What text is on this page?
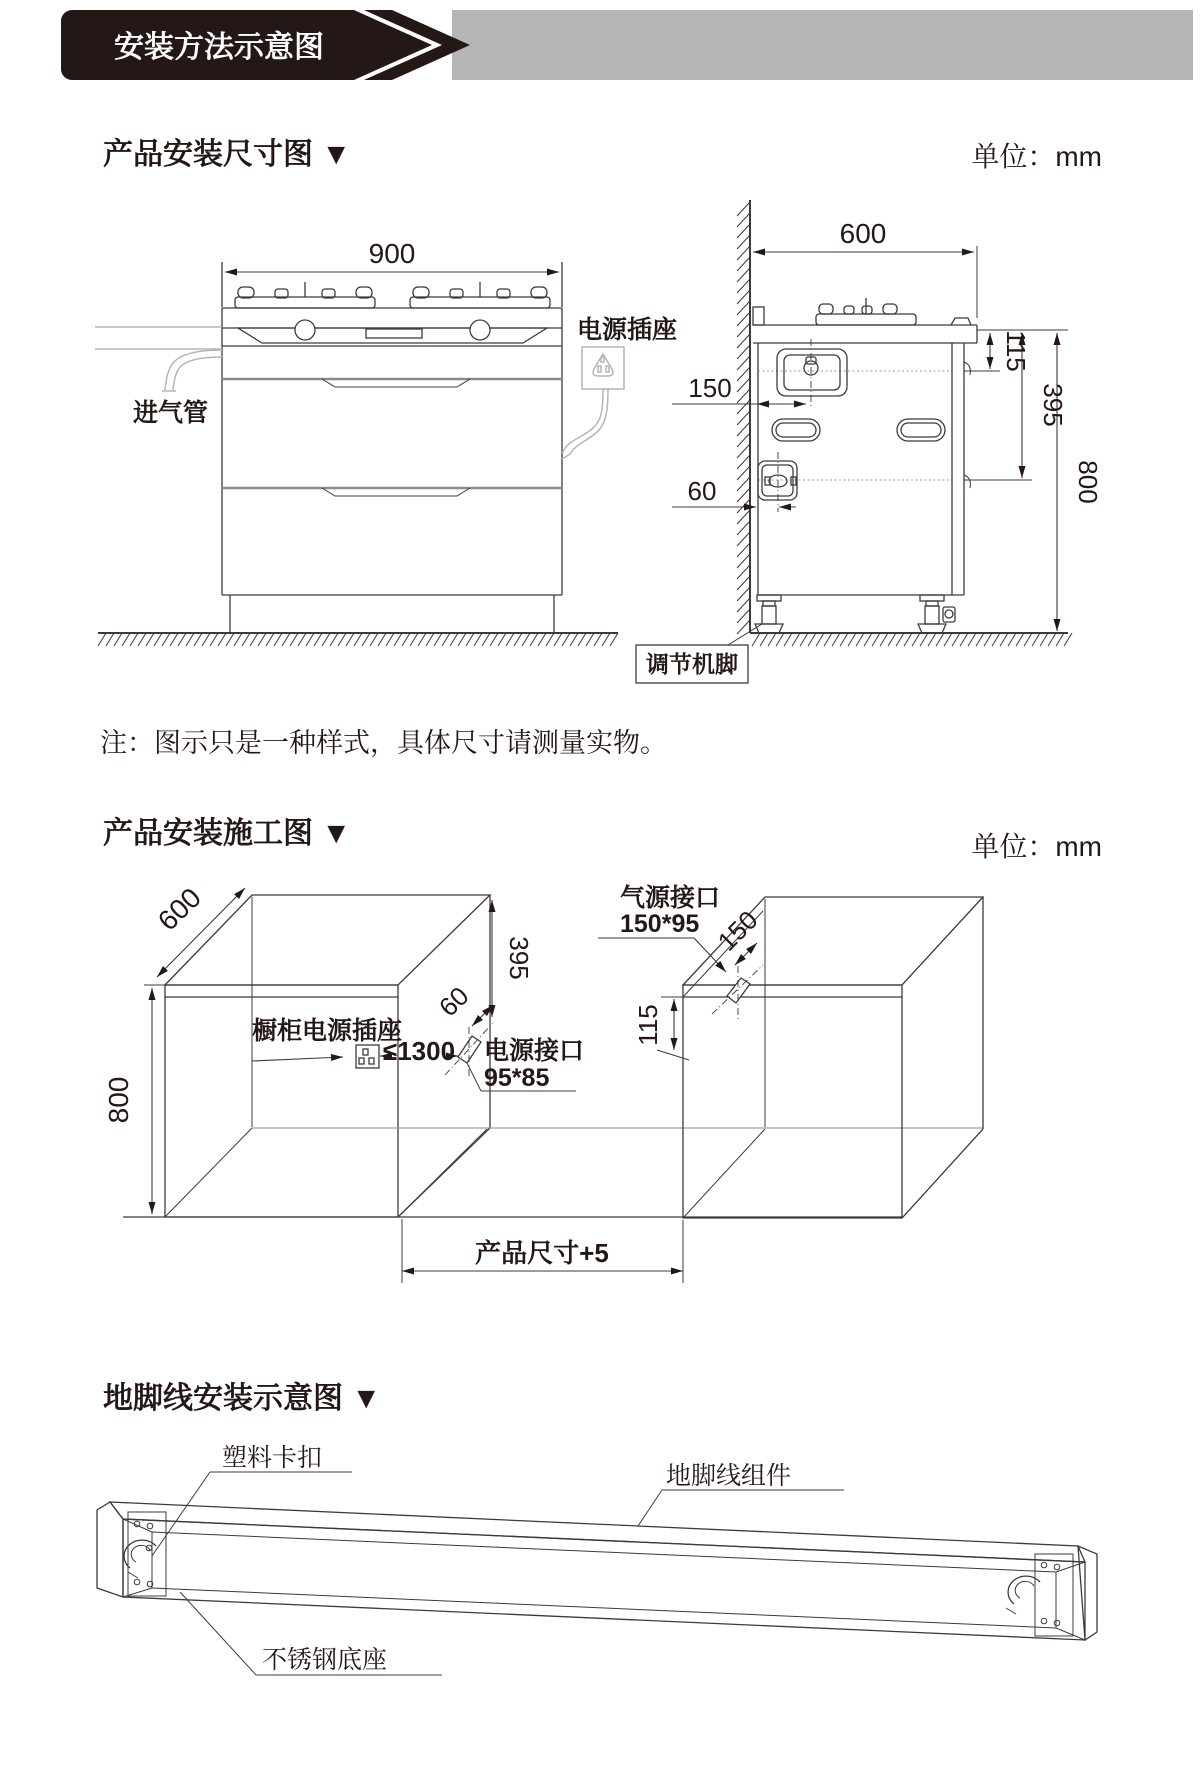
安装方法示意图
产品安装尺寸图 ▼	单位：mm
进气管
电源插座
900
600
150
60
115
395
800
调节机脚
注：图示只是一种样式，具体尺寸请测量实物。
产品安装施工图 ▼	单位：mm
800
600
395
60
橱柜电源插座
≤1300 电源接口
95*85
气源接口
150*95 150
115
产品尺寸+5
地脚线安装示意图 ▼
塑料卡扣
地脚线组件
不锈钢底座
